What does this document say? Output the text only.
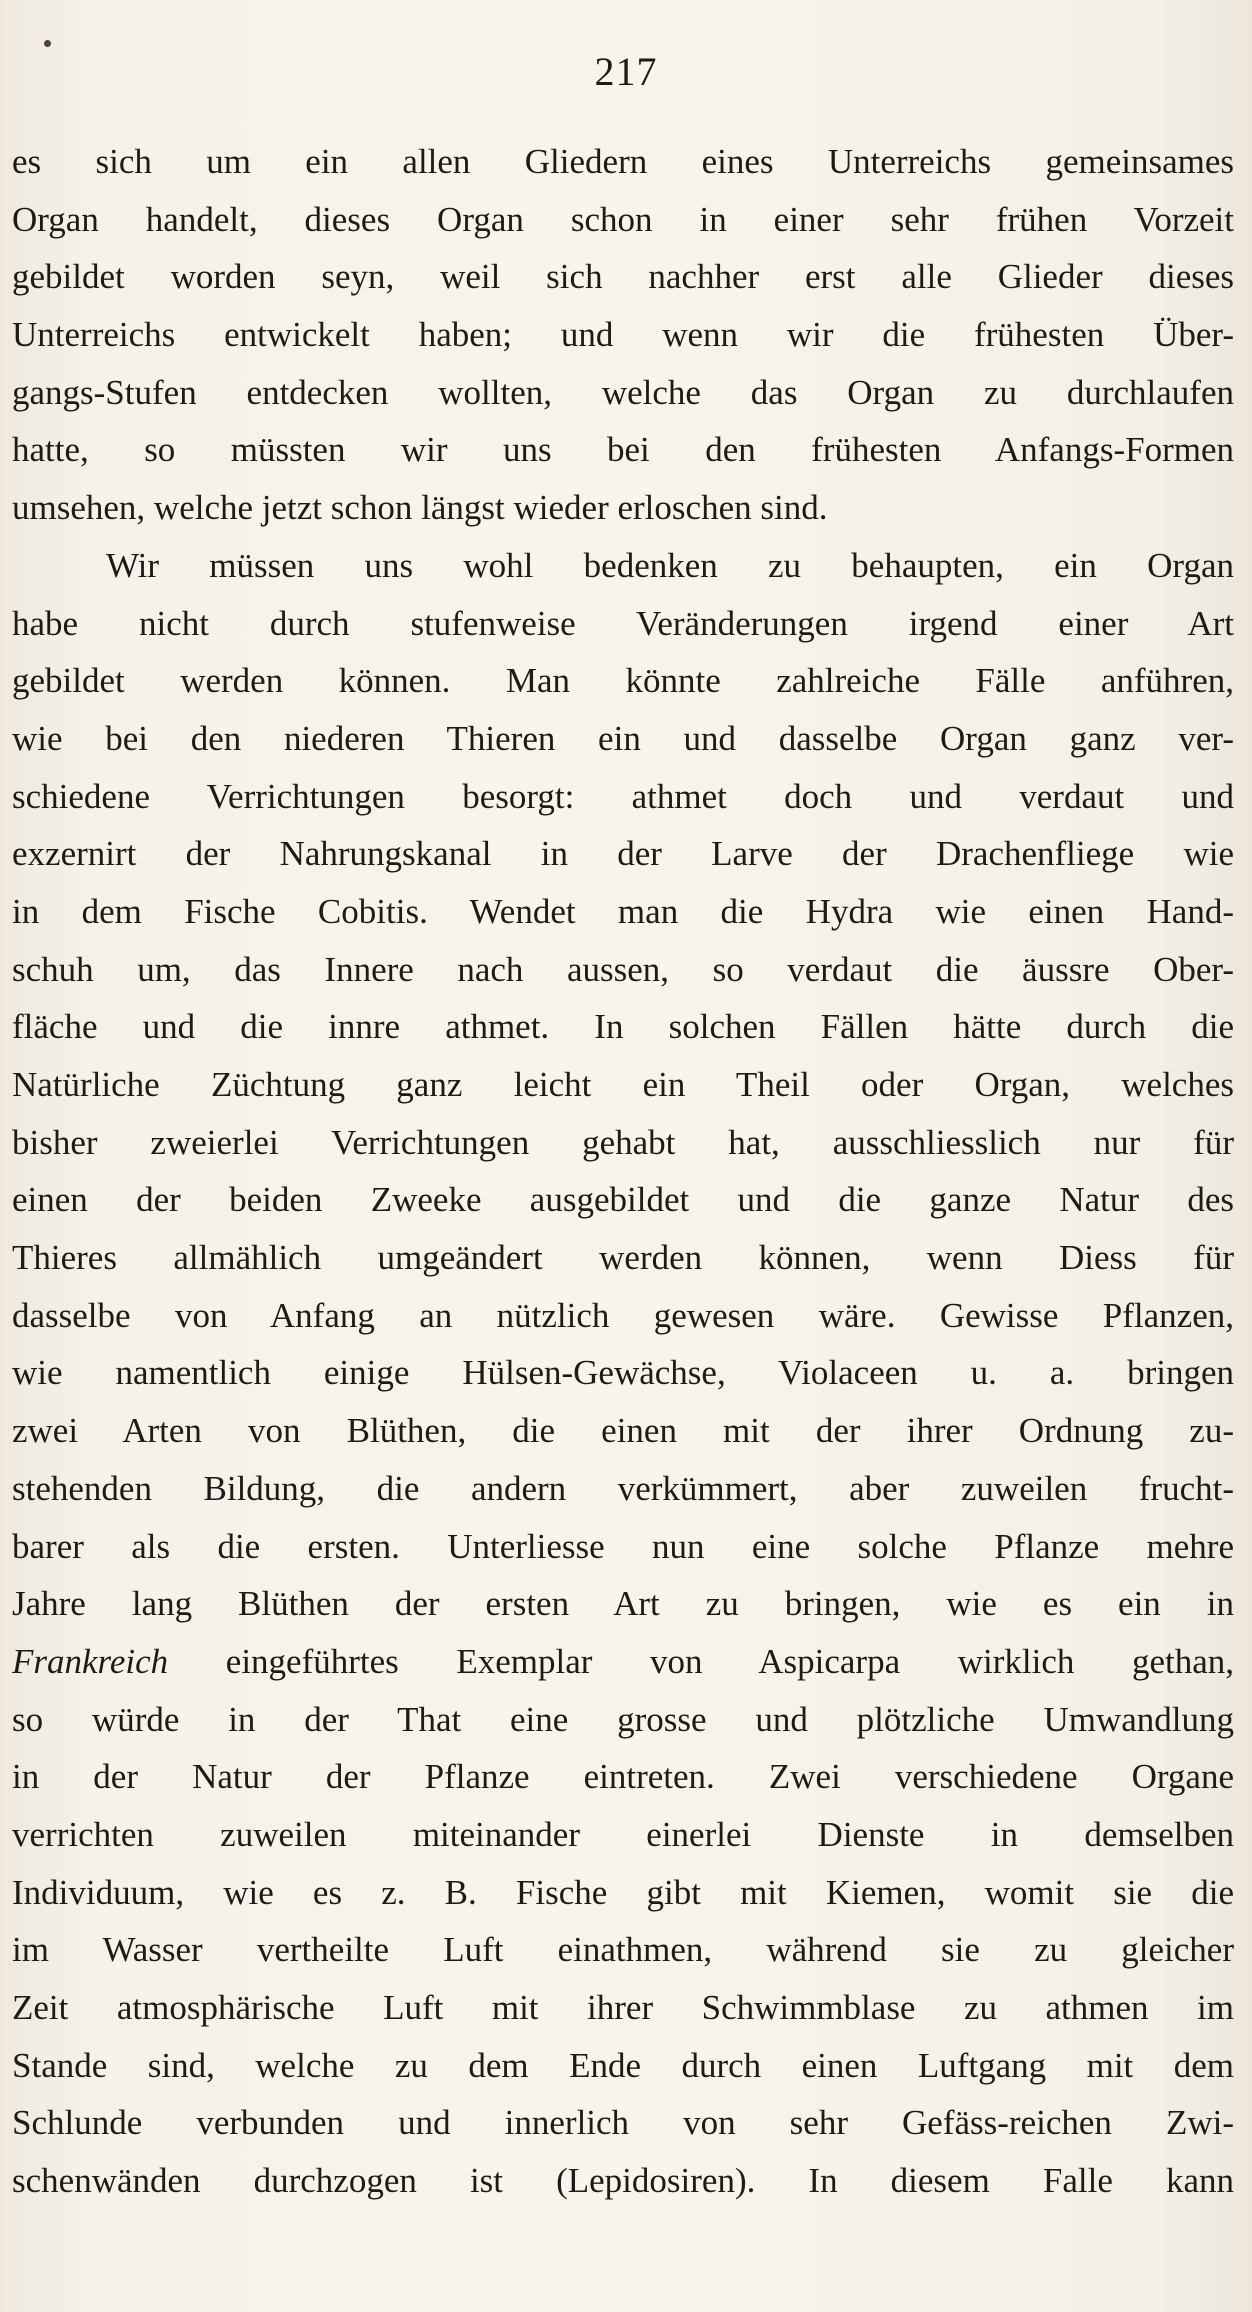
217
es sich um ein allen Gliedern eines Unterreichs gemeinsames
Organ handelt, dieses Organ schon in einer sehr frühen Vorzeit
gebildet worden seyn, weil sich nachher erst alle Glieder dieses
Unterreichs entwickelt haben; und wenn wir die frühesten Über-
gangs-Stufen entdecken wollten, welche das Organ zu durchlaufen
hatte, so müssten wir uns bei den frühesten Anfangs-Formen
umsehen, welche jetzt schon längst wieder erloschen sind.
Wir müssen uns wohl bedenken zu behaupten, ein Organ
habe nicht durch stufenweise Veränderungen irgend einer Art
gebildet werden können. Man könnte zahlreiche Fälle anführen,
wie bei den niederen Thieren ein und dasselbe Organ ganz ver-
schiedene Verrichtungen besorgt: athmet doch und verdaut und
exzernirt der Nahrungskanal in der Larve der Drachenfliege wie
in dem Fische Cobitis. Wendet man die Hydra wie einen Hand-
schuh um, das Innere nach aussen, so verdaut die äussre Ober-
fläche und die innre athmet. In solchen Fällen hätte durch die
Natürliche Züchtung ganz leicht ein Theil oder Organ, welches
bisher zweierlei Verrichtungen gehabt hat, ausschliesslich nur für
einen der beiden Zweeke ausgebildet und die ganze Natur des
Thieres allmählich umgeändert werden können, wenn Diess für
dasselbe von Anfang an nützlich gewesen wäre. Gewisse Pflanzen,
wie namentlich einige Hülsen-Gewächse, Violaceen u. a. bringen
zwei Arten von Blüthen, die einen mit der ihrer Ordnung zu-
stehenden Bildung, die andern verkümmert, aber zuweilen frucht-
barer als die ersten. Unterliesse nun eine solche Pflanze mehre
Jahre lang Blüthen der ersten Art zu bringen, wie es ein in
Frankreich eingeführtes Exemplar von Aspicarpa wirklich gethan,
so würde in der That eine grosse und plötzliche Umwandlung
in der Natur der Pflanze eintreten. Zwei verschiedene Organe
verrichten zuweilen miteinander einerlei Dienste in demselben
Individuum, wie es z. B. Fische gibt mit Kiemen, womit sie die
im Wasser vertheilte Luft einathmen, während sie zu gleicher
Zeit atmosphärische Luft mit ihrer Schwimmblase zu athmen im
Stande sind, welche zu dem Ende durch einen Luftgang mit dem
Schlunde verbunden und innerlich von sehr Gefäss-reichen Zwi-
schenwänden durchzogen ist (Lepidosiren). In diesem Falle kann
